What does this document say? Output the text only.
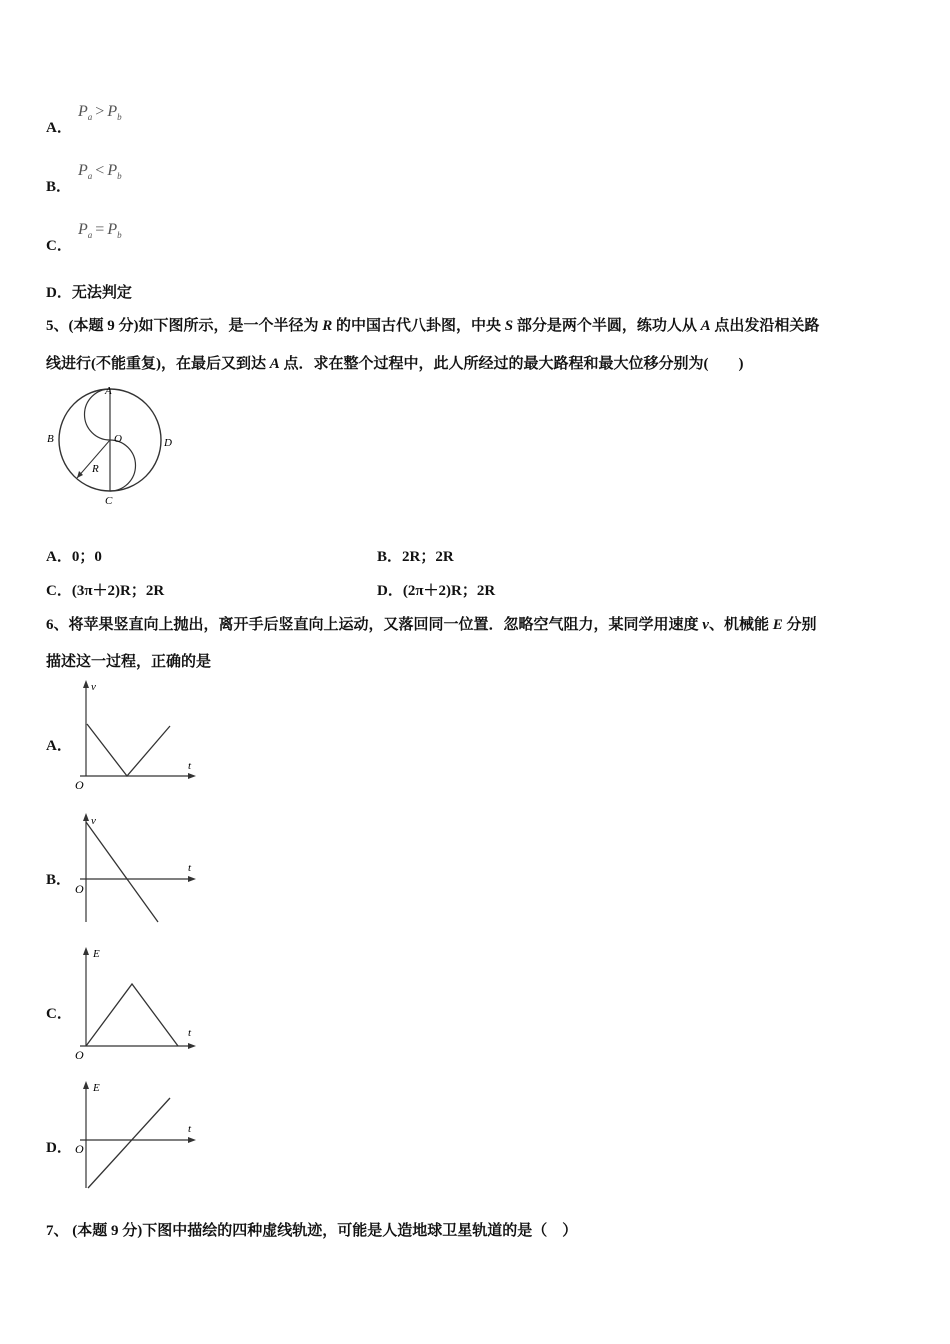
A．
$P_a > P_b$
B．
$P_a < P_b$
C．
$P_a = P_b$
D．无法判定
5、(本题 9 分)如下图所示，是一个半径为 R 的中国古代八卦图，中央 S 部分是两个半圆，练功人从 A 点出发沿相关路
线进行(不能重复)，在最后又到达 A 点．求在整个过程中，此人所经过的最大路程和最大位移分别为(　　)
A
B
C
D
O
R
A．0；0	B．2R；2R
C．(3π＋2)R；2R	D．(2π＋2)R；2R
6、将苹果竖直向上抛出，离开手后竖直向上运动，又落回同一位置．忽略空气阻力，某同学用速度 v、机械能 E 分别
描述这一过程，正确的是
A．
v
t
O
B．
v
t
O
C．
E
t
O
D．
E
t
O
7、 (本题 9 分)下图中描绘的四种虚线轨迹，可能是人造地球卫星轨道的是（　）
